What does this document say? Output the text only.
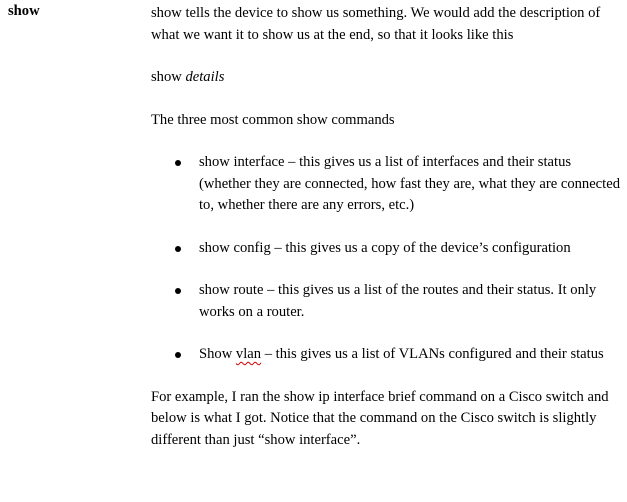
show	show tells the device to show us something. We would add the description of what we want it to show us at the end, so that it looks like this

show details

The three most common show commands

show interface – this gives us a list of interfaces and their status (whether they are connected, how fast they are, what they are connected to, whether there are any errors, etc.)
show config – this gives us a copy of the device’s configuration
show route – this gives us a list of the routes and their status. It only works on a router.
Show vlan – this gives us a list of VLANs configured and their status

For example, I ran the show ip interface brief command on a Cisco switch and below is what I got. Notice that the command on the Cisco switch is slightly different than just “show interface”.
